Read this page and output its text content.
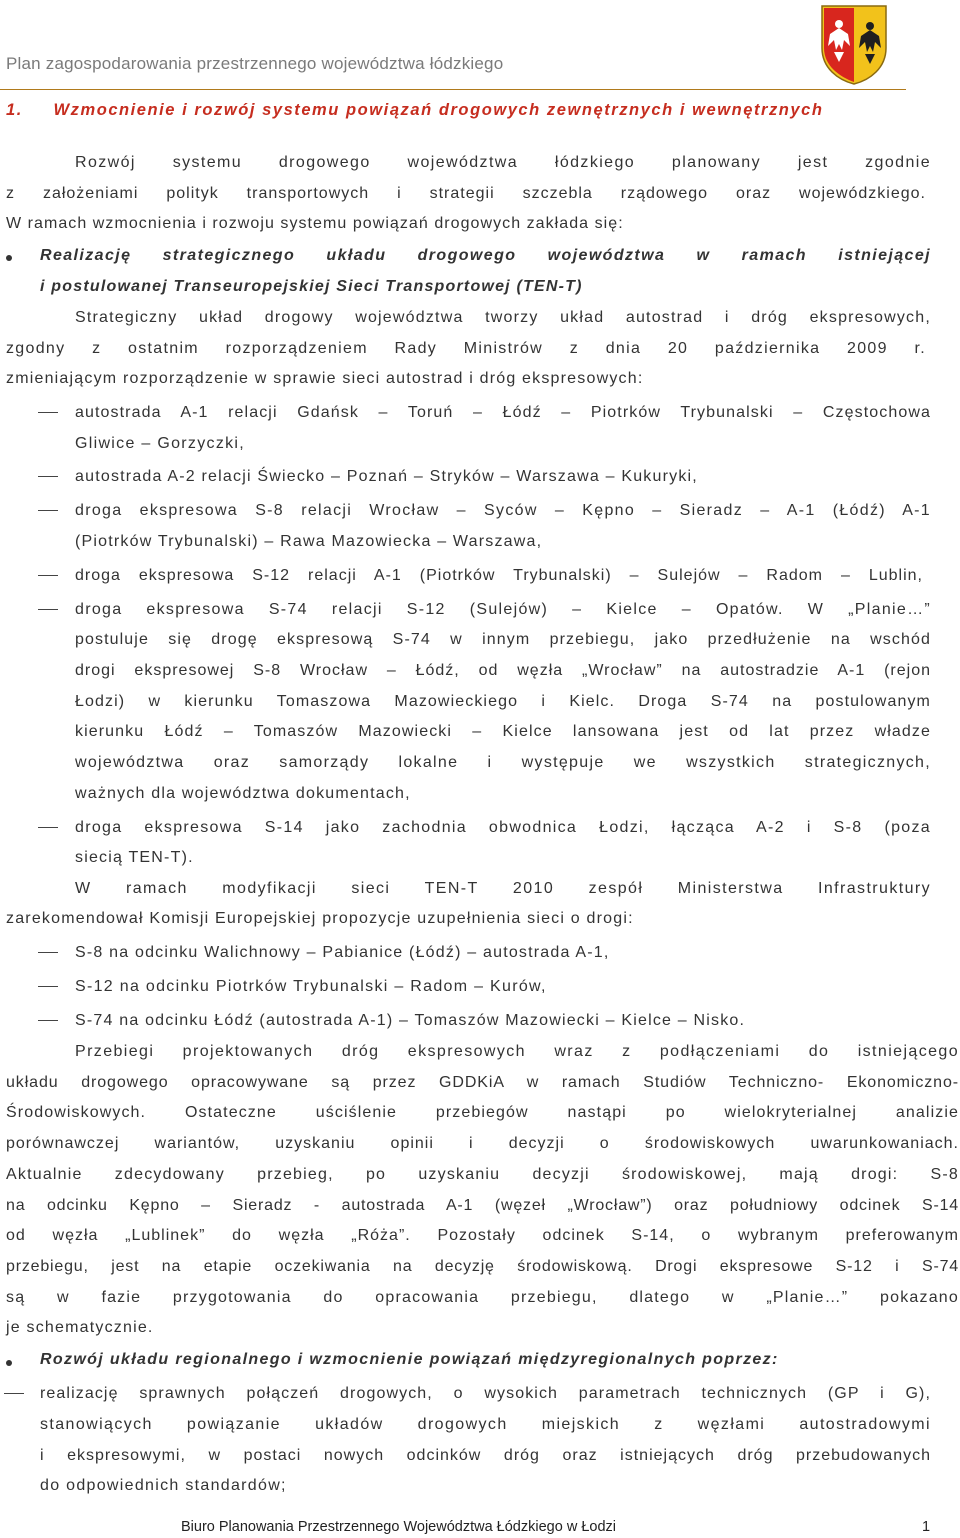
Plan zagospodarowania przestrzennego województwa łódzkiego
1. Wzmocnienie i rozwój systemu powiązań drogowych zewnętrznych i wewnętrznych
Rozwój systemu drogowego województwa łódzkiego planowany jest zgodnie
z założeniami polityk transportowych i strategii szczebla rządowego oraz wojewódzkiego.
W ramach wzmocnienia i rozwoju systemu powiązań drogowych zakłada się:
Realizację strategicznego układu drogowego województwa w ramach istniejącej
i postulowanej Transeuropejskiej Sieci Transportowej (TEN-T)
Strategiczny układ drogowy województwa tworzy układ autostrad i dróg ekspresowych,
zgodny z ostatnim rozporządzeniem Rady Ministrów z dnia 20 października 2009 r.
zmieniającym rozporządzenie w sprawie sieci autostrad i dróg ekspresowych:
autostrada A-1 relacji Gdańsk – Toruń – Łódź – Piotrków Trybunalski – Częstochowa
Gliwice – Gorzyczki,
autostrada A-2 relacji Świecko – Poznań – Stryków – Warszawa – Kukuryki,
droga ekspresowa S-8 relacji Wrocław – Syców – Kępno – Sieradz – A-1 (Łódź) A-1
(Piotrków Trybunalski) – Rawa Mazowiecka – Warszawa,
droga ekspresowa S-12 relacji A-1 (Piotrków Trybunalski) – Sulejów – Radom – Lublin,
droga ekspresowa S-74 relacji S-12 (Sulejów) – Kielce – Opatów. W „Planie…”
postuluje się drogę ekspresową S-74 w innym przebiegu, jako przedłużenie na wschód
drogi ekspresowej S-8 Wrocław – Łódź, od węzła „Wrocław” na autostradzie A-1 (rejon
Łodzi) w kierunku Tomaszowa Mazowieckiego i Kielc. Droga S-74 na postulowanym
kierunku Łódź – Tomaszów Mazowiecki – Kielce lansowana jest od lat przez władze
województwa oraz samorządy lokalne i występuje we wszystkich strategicznych,
ważnych dla województwa dokumentach,
droga ekspresowa S-14 jako zachodnia obwodnica Łodzi, łącząca A-2 i S-8 (poza
siecią TEN-T).
W ramach modyfikacji sieci TEN-T 2010 zespół Ministerstwa Infrastruktury
zarekomendował Komisji Europejskiej propozycje uzupełnienia sieci o drogi:
S-8 na odcinku Walichnowy – Pabianice (Łódź) – autostrada A-1,
S-12 na odcinku Piotrków Trybunalski – Radom – Kurów,
S-74 na odcinku Łódź (autostrada A-1) – Tomaszów Mazowiecki – Kielce – Nisko.
Przebiegi projektowanych dróg ekspresowych wraz z podłączeniami do istniejącego
układu drogowego opracowywane są przez GDDKiA w ramach Studiów Techniczno- Ekonomiczno-
Środowiskowych. Ostateczne uściślenie przebiegów nastąpi po wielokryterialnej analizie
porównawczej wariantów, uzyskaniu opinii i decyzji o środowiskowych uwarunkowaniach.
Aktualnie zdecydowany przebieg, po uzyskaniu decyzji środowiskowej, mają drogi: S-8
na odcinku Kępno – Sieradz - autostrada A-1 (węzeł „Wrocław”) oraz południowy odcinek S-14
od węzła „Lublinek” do węzła „Róża”. Pozostały odcinek S-14, o wybranym preferowanym
przebiegu, jest na etapie oczekiwania na decyzję środowiskową. Drogi ekspresowe S-12 i S-74
są w fazie przygotowania do opracowania przebiegu, dlatego w „Planie…” pokazano
je schematycznie.
Rozwój układu regionalnego i wzmocnienie powiązań międzyregionalnych poprzez:
realizację sprawnych połączeń drogowych, o wysokich parametrach technicznych (GP i G),
stanowiących powiązanie układów drogowych miejskich z węzłami autostradowymi
i ekspresowymi, w postaci nowych odcinków dróg oraz istniejących dróg przebudowanych
do odpowiednich standardów;
Biuro Planowania Przestrzennego Województwa Łódzkiego w Łodzi	1
